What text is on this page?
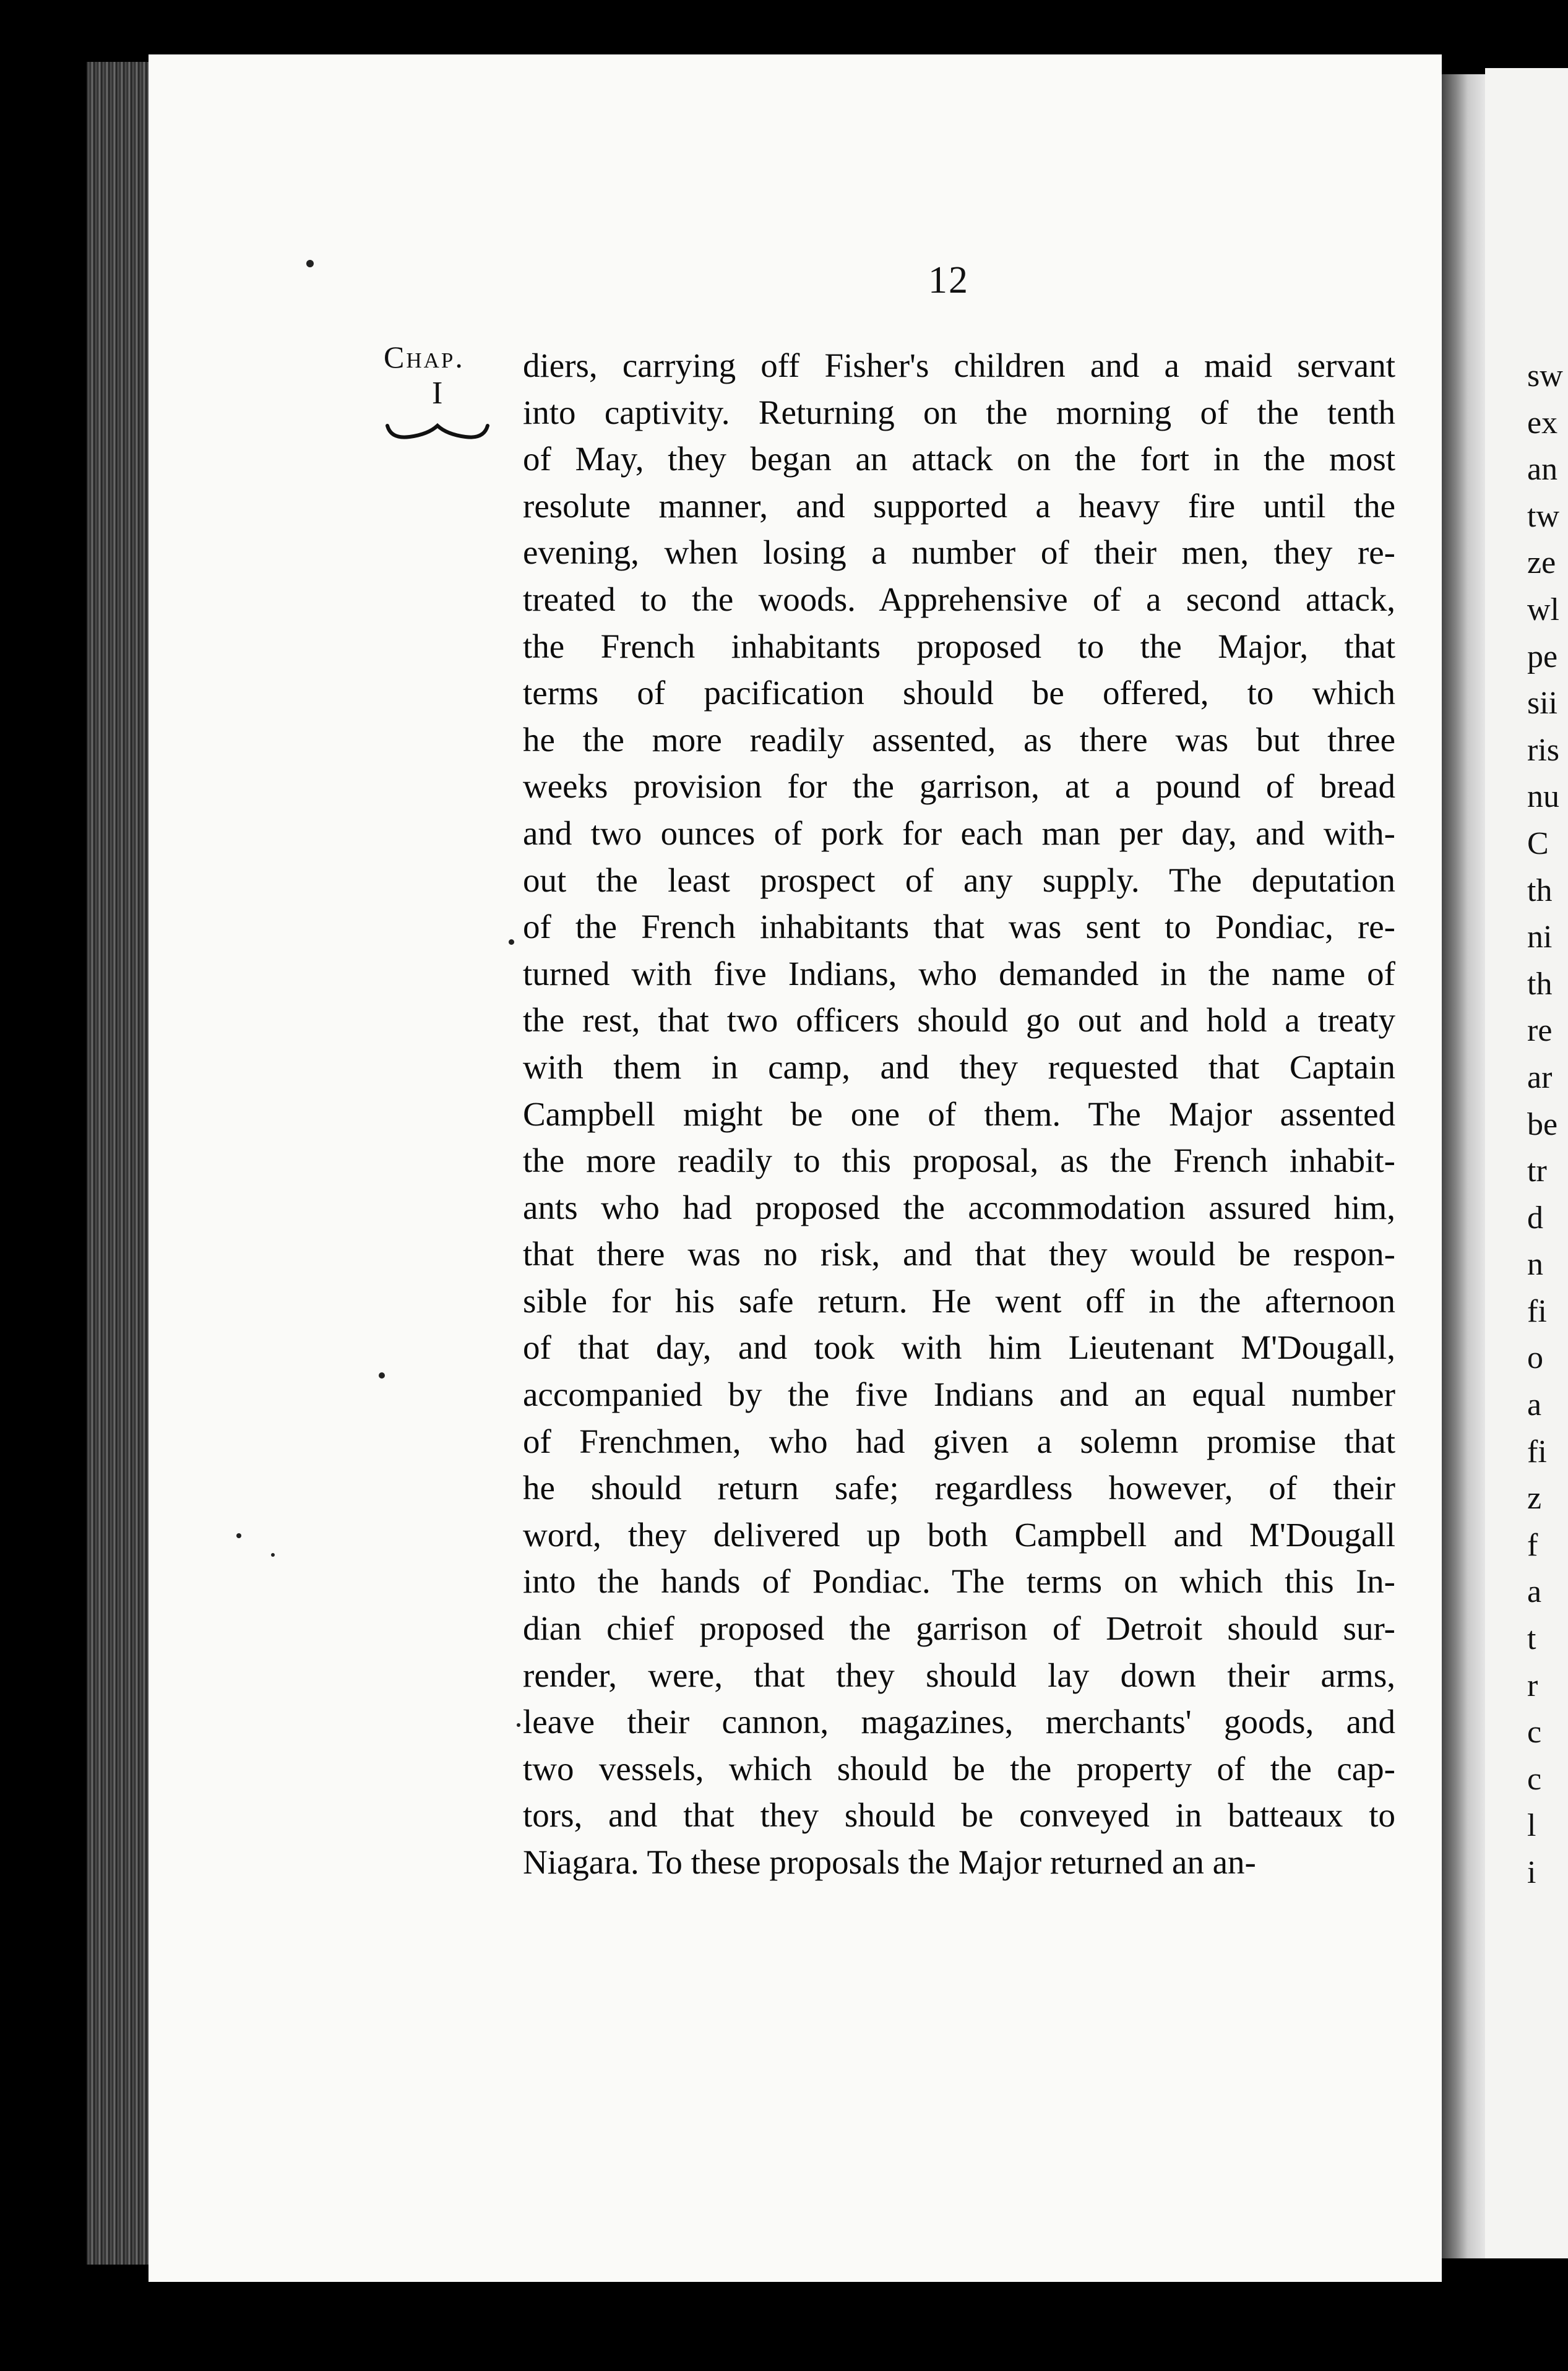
sw
ex
an
tw
ze
wl
pe
sii
ris
nu
C
th
ni
th
re
ar
be
tr
d
n
fi
o
a
fi
z
f
a
t
r
c
c
l
i
12
Chap.
I
diers, carrying off Fisher's children and a maid servant
into captivity. Returning on the morning of the tenth
of May, they began an attack on the fort in the most
resolute manner, and supported a heavy fire until the
evening, when losing a number of their men, they re-
treated to the woods. Apprehensive of a second attack,
the French inhabitants proposed to the Major, that
terms of pacification should be offered, to which
he the more readily assented, as there was but three
weeks provision for the garrison, at a pound of bread
and two ounces of pork for each man per day, and with-
out the least prospect of any supply. The deputation
of the French inhabitants that was sent to Pondiac, re-
turned with five Indians, who demanded in the name of
the rest, that two officers should go out and hold a treaty
with them in camp, and they requested that Captain
Campbell might be one of them. The Major assented
the more readily to this proposal, as the French inhabit-
ants who had proposed the accommodation assured him,
that there was no risk, and that they would be respon-
sible for his safe return. He went off in the afternoon
of that day, and took with him Lieutenant M'Dougall,
accompanied by the five Indians and an equal number
of Frenchmen, who had given a solemn promise that
he should return safe; regardless however, of their
word, they delivered up both Campbell and M'Dougall
into the hands of Pondiac. The terms on which this In-
dian chief proposed the garrison of Detroit should sur-
render, were, that they should lay down their arms,
leave their cannon, magazines, merchants' goods, and
two vessels, which should be the property of the cap-
tors, and that they should be conveyed in batteaux to
Niagara. To these proposals the Major returned an an-
